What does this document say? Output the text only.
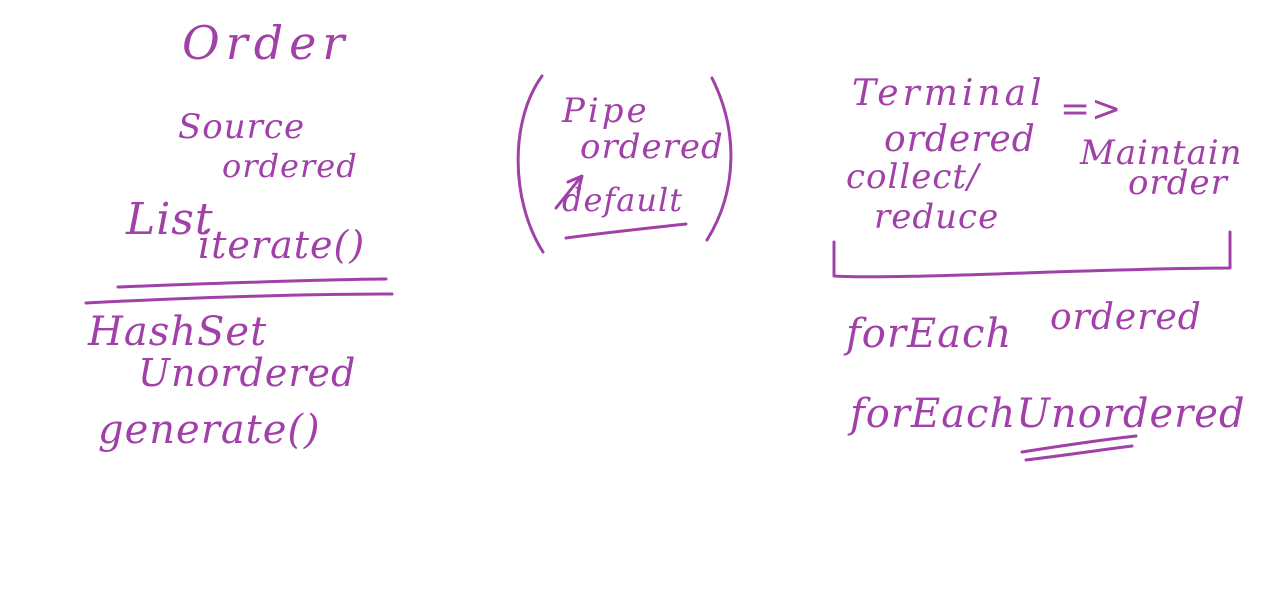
Order
Source
ordered
List
iterate()
HashSet
Unordered
generate()
Pipe
ordered
default
Terminal
ordered
collect/
reduce
=>
Maintain
order
forEach ordered
forEachUnordered
